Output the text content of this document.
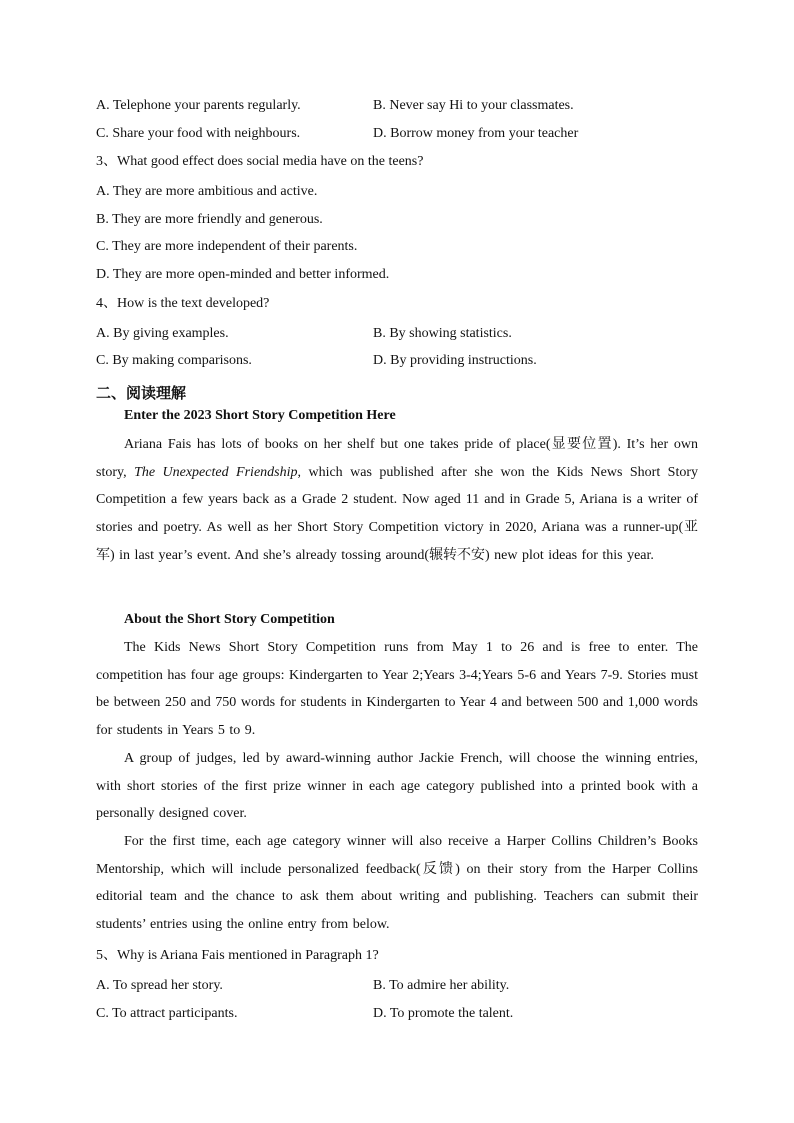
A. Telephone your parents regularly.	B. Never say Hi to your classmates.
C. Share your food with neighbours.	D. Borrow money from your teacher
3、What good effect does social media have on the teens?
A. They are more ambitious and active.
B. They are more friendly and generous.
C. They are more independent of their parents.
D. They are more open-minded and better informed.
4、How is the text developed?
A. By giving examples.	B. By showing statistics.
C. By making comparisons.	D. By providing instructions.
二、阅读理解
Enter the 2023 Short Story Competition Here
Ariana Fais has lots of books on her shelf but one takes pride of place(显要位置). It’s her own story, The Unexpected Friendship, which was published after she won the Kids News Short Story Competition a few years back as a Grade 2 student. Now aged 11 and in Grade 5, Ariana is a writer of stories and poetry. As well as her Short Story Competition victory in 2020, Ariana was a runner-up(亚军) in last year’s event. And she’s already tossing around(辗转不安) new plot ideas for this year.
About the Short Story Competition
The Kids News Short Story Competition runs from May 1 to 26 and is free to enter. The competition has four age groups: Kindergarten to Year 2;Years 3-4;Years 5-6 and Years 7-9. Stories must be between 250 and 750 words for students in Kindergarten to Year 4 and between 500 and 1,000 words for students in Years 5 to 9.
A group of judges, led by award-winning author Jackie French, will choose the winning entries, with short stories of the first prize winner in each age category published into a printed book with a personally designed cover.
For the first time, each age category winner will also receive a Harper Collins Children’s Books Mentorship, which will include personalized feedback(反馈) on their story from the Harper Collins editorial team and the chance to ask them about writing and publishing. Teachers can submit their students’ entries using the online entry from below.
5、Why is Ariana Fais mentioned in Paragraph 1?
A. To spread her story.	B. To admire her ability.
C. To attract participants.	D. To promote the talent.
